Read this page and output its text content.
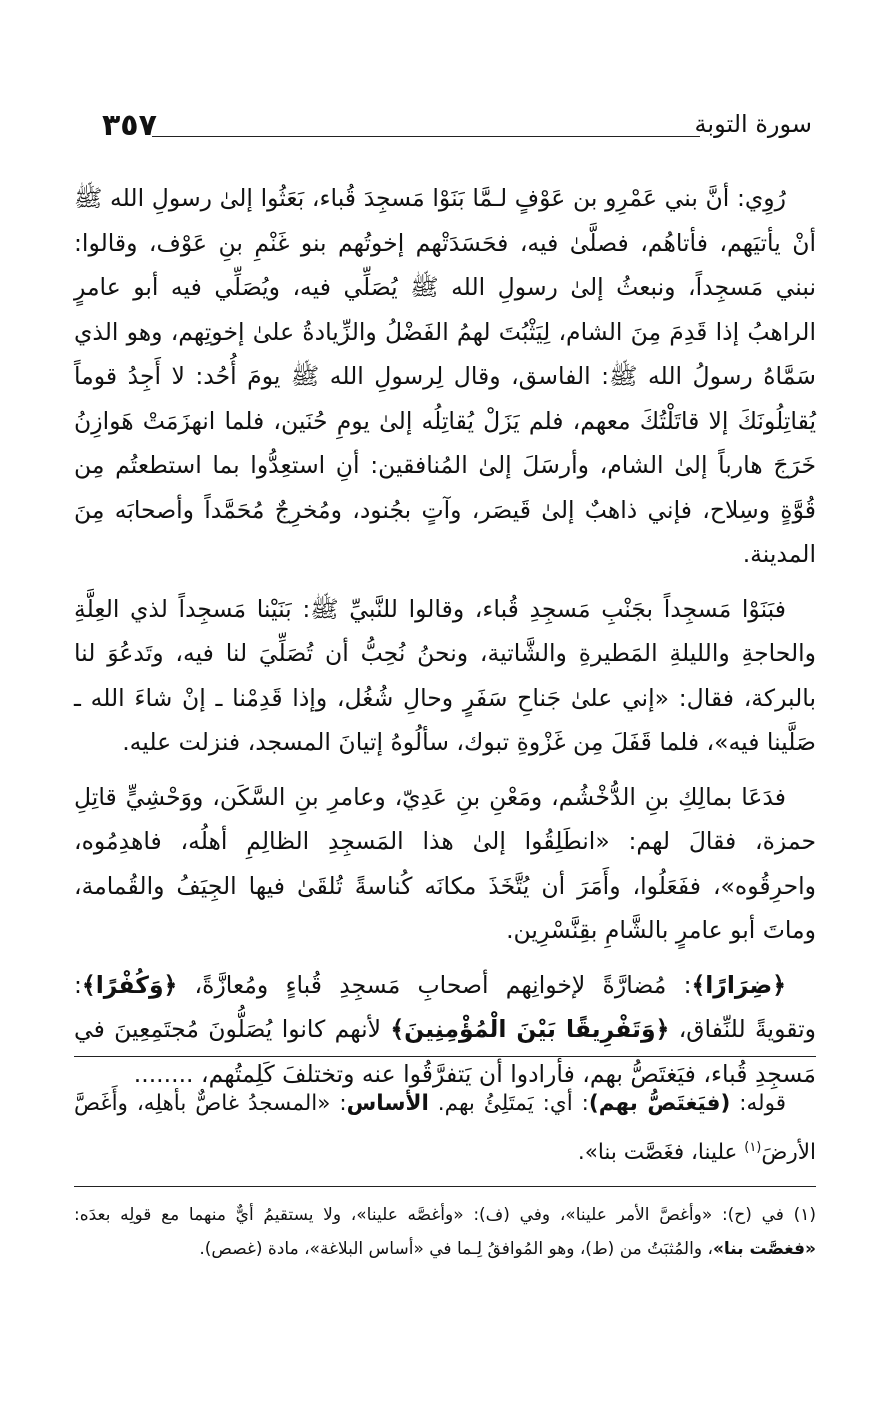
٣٥٧	سورة التوبة

رُوِي: أنَّ بني عَمْرِو بن عَوْفٍ لـمَّا بَنَوْا مَسجِدَ قُباء، بَعَثُوا إلىٰ رسولِ الله ﷺ أنْ يأتيَهم، فأتاهُم، فصلَّىٰ فيه، فحَسَدَتْهم إخوتُهم بنو غَنْمِ بنِ عَوْف، وقالوا: نبني مَسجِداً، ونبعثُ إلىٰ رسولِ الله ﷺ يُصَلِّي فيه، ويُصَلِّي فيه أبو عامرٍ الراهبُ إذا قَدِمَ مِنَ الشام، لِيَثْبُتَ لهمُ الفَضْلُ والزِّيادةُ علىٰ إخوتِهم، وهو الذي سَمَّاهُ رسولُ الله ﷺ: الفاسق، وقال لِرسولِ الله ﷺ يومَ أُحُد: لا أَجِدُ قوماً يُقاتِلُونَكَ إلا قاتَلْتُكَ معهم، فلم يَزَلْ يُقاتِلُه إلىٰ يومِ حُنَين، فلما انهزَمَتْ هَوازِنُ خَرَجَ هارباً إلىٰ الشام، وأرسَلَ إلىٰ المُنافقين: أنِ استعِدُّوا بما استطعتُم مِن قُوَّةٍ وسِلاح، فإني ذاهبٌ إلىٰ قَيصَر، وآتٍ بجُنود، ومُخرِجٌ مُحَمَّداً وأصحابَه مِنَ المدينة.

فبَنَوْا مَسجِداً بجَنْبِ مَسجِدِ قُباء، وقالوا للنَّبيِّ ﷺ: بَنَيْنا مَسجِداً لذي العِلَّةِ والحاجةِ والليلةِ المَطيرةِ والشَّاتية، ونحنُ نُحِبُّ أن تُصَلِّيَ لنا فيه، وتَدعُوَ لنا بالبركة، فقال: «إني علىٰ جَناحِ سَفَرٍ وحالِ شُغُل، وإذا قَدِمْنا ـ إنْ شاءَ الله ـ صَلَّينا فيه»، فلما قَفَلَ مِن غَزْوةِ تبوك، سألُوهُ إتيانَ المسجد، فنزلت عليه.

فدَعَا بمالِكِ بنِ الدُّخْشُم، ومَعْنِ بنِ عَدِيّ، وعامرِ بنِ السَّكَن، ووَحْشِيٍّ قاتِلِ حمزة، فقالَ لهم: «انطَلِقُوا إلىٰ هذا المَسجِدِ الظالِمِ أهلُه، فاهدِمُوه، واحرِقُوه»، ففَعَلُوا، وأَمَرَ أن يُتَّخَذَ مكانَه كُناسةً تُلقَىٰ فيها الجِيَفُ والقُمامة، وماتَ أبو عامرٍ بالشَّامِ بقِنَّسْرِين.

﴿ضِرَارًا﴾: مُضارَّةً لإخوانِهم أصحابِ مَسجِدِ قُباءٍ ومُعازَّةً، ﴿وَكُفْرًا﴾: وتقويةً للنِّفاق، ﴿وَتَفْرِيقًا بَيْنَ الْمُؤْمِنِينَ﴾ لأنهم كانوا يُصَلُّونَ مُجتَمِعِينَ في مَسجِدِ قُباء، فيَغتَصُّ بهم، فأرادوا أن يَتفرَّقُوا عنه وتختلفَ كَلِمتُهم، ........

قوله: (فيَغتَصُّ بهم): أي: يَمتَلِئُ بهم. الأساس: «المسجدُ غاصٌّ بأهلِه، وأَغَصَّ الأرضَ$^{(١)}$ علينا، فغَصَّت بنا».
(١) في (ح): «وأغصَّ الأمر علينا»، وفي (ف): «وأغصَّه علينا»، ولا يستقيمُ أيٌّ منهما مع قولِه بعدَه: «فغصَّت بنا»، والمُثبَتُ من (ط)، وهو المُوافقُ لِـما في «أساس البلاغة»، مادة (غصص).
